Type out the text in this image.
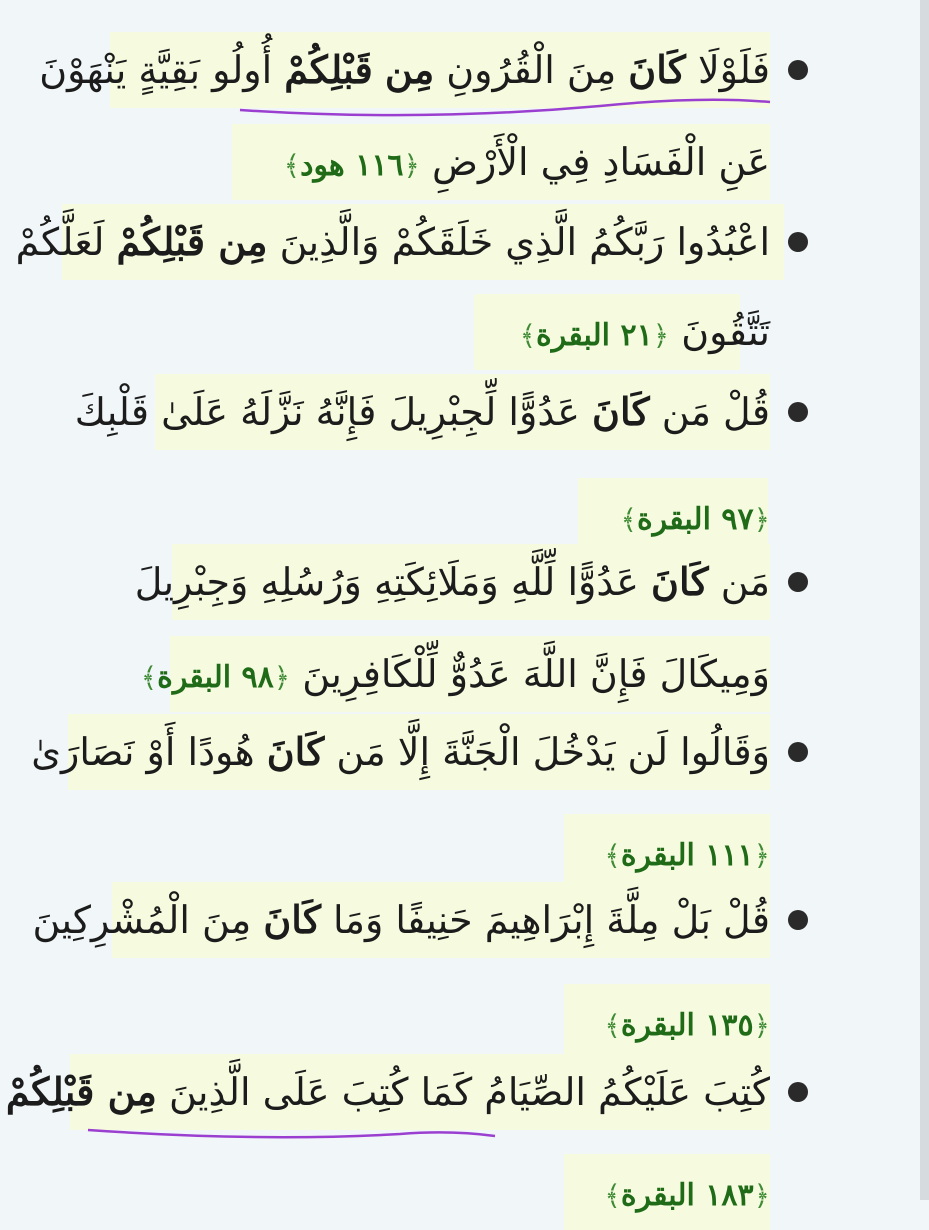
فَلَوْلَا كَانَ مِنَ الْقُرُونِ مِن قَبْلِكُمْ أُولُو بَقِيَّةٍ يَنْهَوْنَ
عَنِ الْفَسَادِ فِي الْأَرْضِ ﴿١١٦ هود﴾
اعْبُدُوا رَبَّكُمُ الَّذِي خَلَقَكُمْ وَالَّذِينَ مِن قَبْلِكُمْ لَعَلَّكُمْ
تَتَّقُونَ ﴿٢١ البقرة﴾
قُلْ مَن كَانَ عَدُوًّا لِّجِبْرِيلَ فَإِنَّهُ نَزَّلَهُ عَلَىٰ قَلْبِكَ
﴿٩٧ البقرة﴾
مَن كَانَ عَدُوًّا لِّلَّهِ وَمَلَائِكَتِهِ وَرُسُلِهِ وَجِبْرِيلَ
وَمِيكَالَ فَإِنَّ اللَّهَ عَدُوٌّ لِّلْكَافِرِينَ ﴿٩٨ البقرة﴾
وَقَالُوا لَن يَدْخُلَ الْجَنَّةَ إِلَّا مَن كَانَ هُودًا أَوْ نَصَارَىٰ
﴿١١١ البقرة﴾
قُلْ بَلْ مِلَّةَ إِبْرَاهِيمَ حَنِيفًا وَمَا كَانَ مِنَ الْمُشْرِكِينَ
﴿١٣٥ البقرة﴾
كُتِبَ عَلَيْكُمُ الصِّيَامُ كَمَا كُتِبَ عَلَى الَّذِينَ مِن قَبْلِكُمْ
﴿١٨٣ البقرة﴾
